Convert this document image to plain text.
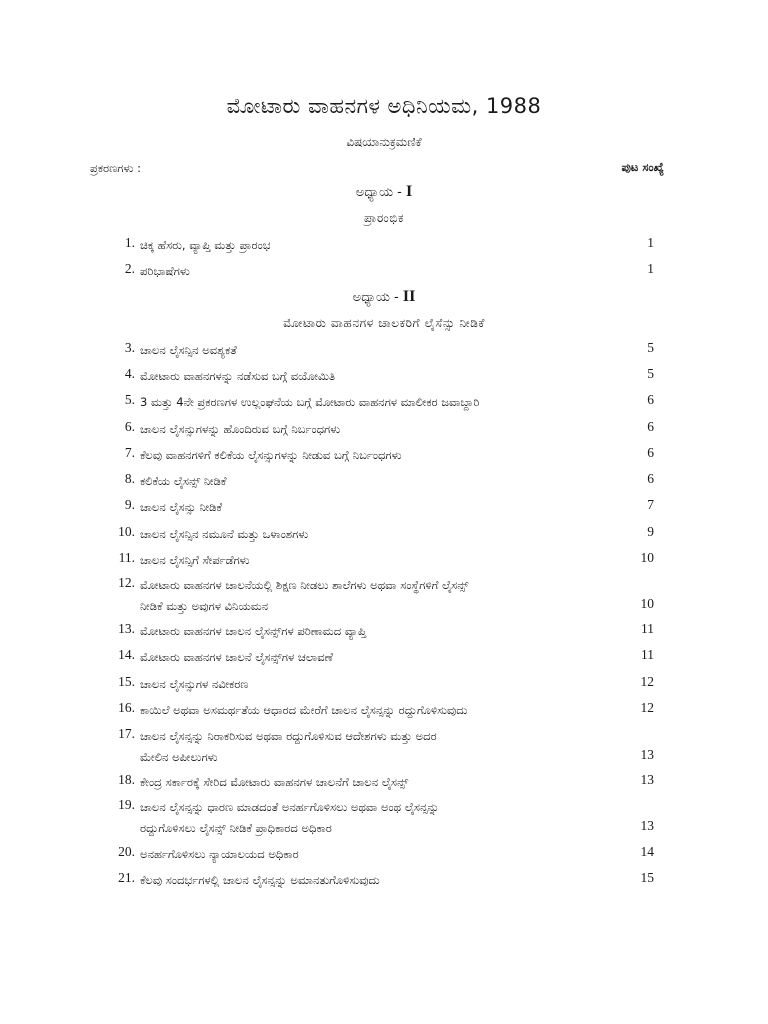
ಮೋಟಾರು ವಾಹನಗಳ ಅಧಿನಿಯಮ, 1988
ವಿಷಯಾನುಕ್ರಮಣಿಕೆ
ಪ್ರಕರಣಗಳು :	ಪುಟ ಸಂಖ್ಯೆ
ಅಧ್ಯಾಯ - I
ಪ್ರಾರಂಭಿಕ
1. ಚಿಕ್ಕ ಹೆಸರು, ವ್ಯಾಪ್ತಿ ಮತ್ತು ಪ್ರಾರಂಭ	1
2. ಪರಿಭಾಷೆಗಳು	1
ಅಧ್ಯಾಯ - II
ಮೋಟಾರು ವಾಹನಗಳ ಚಾಲಕರಿಗೆ ಲೈಸೆನ್ಸು ನೀಡಿಕೆ
3. ಚಾಲನ ಲೈಸನ್ಸಿನ ಅವಶ್ಯಕತೆ	5
4. ಮೋಟಾರು ವಾಹನಗಳನ್ನು ನಡೆಸುವ ಬಗ್ಗೆ ವಯೋಮಿತಿ	5
5. 3 ಮತ್ತು 4ನೇ ಪ್ರಕರಣಗಳ ಉಲ್ಲಂಘನೆಯ ಬಗ್ಗೆ ಮೋಟಾರು ವಾಹನಗಳ ಮಾಲೀಕರ ಜವಾಬ್ದಾರಿ	6
6. ಚಾಲನ ಲೈಸನ್ಸುಗಳನ್ನು ಹೊಂದಿರುವ ಬಗ್ಗೆ ನಿರ್ಬಂಧಗಳು	6
7. ಕೆಲವು ವಾಹನಗಳಿಗೆ ಕಲಿಕೆಯ ಲೈಸನ್ಸುಗಳನ್ನು ನೀಡುವ ಬಗ್ಗೆ ನಿರ್ಬಂಧಗಳು	6
8. ಕಲಿಕೆಯ ಲೈಸನ್ಸ್ ನೀಡಿಕೆ	6
9. ಚಾಲನ ಲೈಸನ್ಸು ನೀಡಿಕೆ	7
10. ಚಾಲನ ಲೈಸನ್ಸಿನ ನಮೂನೆ ಮತ್ತು ಒಳಾಂಶಗಳು	9
11. ಚಾಲನ ಲೈಸನ್ಸಿಗೆ ಸೇರ್ಪಡೆಗಳು	10
12. ಮೋಟಾರು ವಾಹನಗಳ ಚಾಲನೆಯಲ್ಲಿ ಶಿಕ್ಷಣ ನೀಡಲು ಶಾಲೆಗಳು ಅಥವಾ ಸಂಸ್ಥೆಗಳಿಗೆ ಲೈಸನ್ಸ್
ನೀಡಿಕೆ ಮತ್ತು ಅವುಗಳ ವಿನಿಯಮನ	10
13. ಮೋಟಾರು ವಾಹನಗಳ ಚಾಲನ ಲೈಸನ್ಸ್‌ಗಳ ಪರಿಣಾಮದ ವ್ಯಾಪ್ತಿ	11
14. ಮೋಟಾರು ವಾಹನಗಳ ಚಾಲನೆ ಲೈಸನ್ಸ್‌ಗಳ ಚಲಾವಣೆ	11
15. ಚಾಲನ ಲೈಸನ್ಸುಗಳ ನವೀಕರಣ	12
16. ಕಾಯಿಲೆ ಅಥವಾ ಅಸಮರ್ಥತೆಯ ಆಧಾರದ ಮೇರೆಗೆ ಚಾಲನ ಲೈಸನ್ಸನ್ನು ರದ್ದುಗೊಳಿಸುವುದು	12
17. ಚಾಲನ ಲೈಸನ್ಸನ್ನು ನಿರಾಕರಿಸುವ ಅಥವಾ ರದ್ದುಗೊಳಿಸುವ ಆದೇಶಗಳು ಮತ್ತು ಅದರ
ಮೇಲಿನ ಅಪೀಲುಗಳು	13
18. ಕೇಂದ್ರ ಸರ್ಕಾರಕ್ಕೆ ಸೇರಿದ ಮೋಟಾರು ವಾಹನಗಳ ಚಾಲನೆಗೆ ಚಾಲನ ಲೈಸನ್ಸ್	13
19. ಚಾಲನ ಲೈಸನ್ಸನ್ನು ಧಾರಣ ಮಾಡದಂತೆ ಅನರ್ಹಗೊಳಿಸಲು ಅಥವಾ ಅಂಥ ಲೈಸನ್ಸನ್ನು
ರದ್ದುಗೊಳಿಸಲು ಲೈಸನ್ಸ್ ನೀಡಿಕೆ ಪ್ರಾಧಿಕಾರದ ಅಧಿಕಾರ	13
20. ಅನರ್ಹಗೊಳಿಸಲು ನ್ಯಾಯಾಲಯದ ಅಧಿಕಾರ	14
21. ಕೆಲವು ಸಂದರ್ಭಗಳಲ್ಲಿ ಚಾಲನ ಲೈಸನ್ಸನ್ನು ಅಮಾನತುಗೊಳಿಸುವುದು	15
